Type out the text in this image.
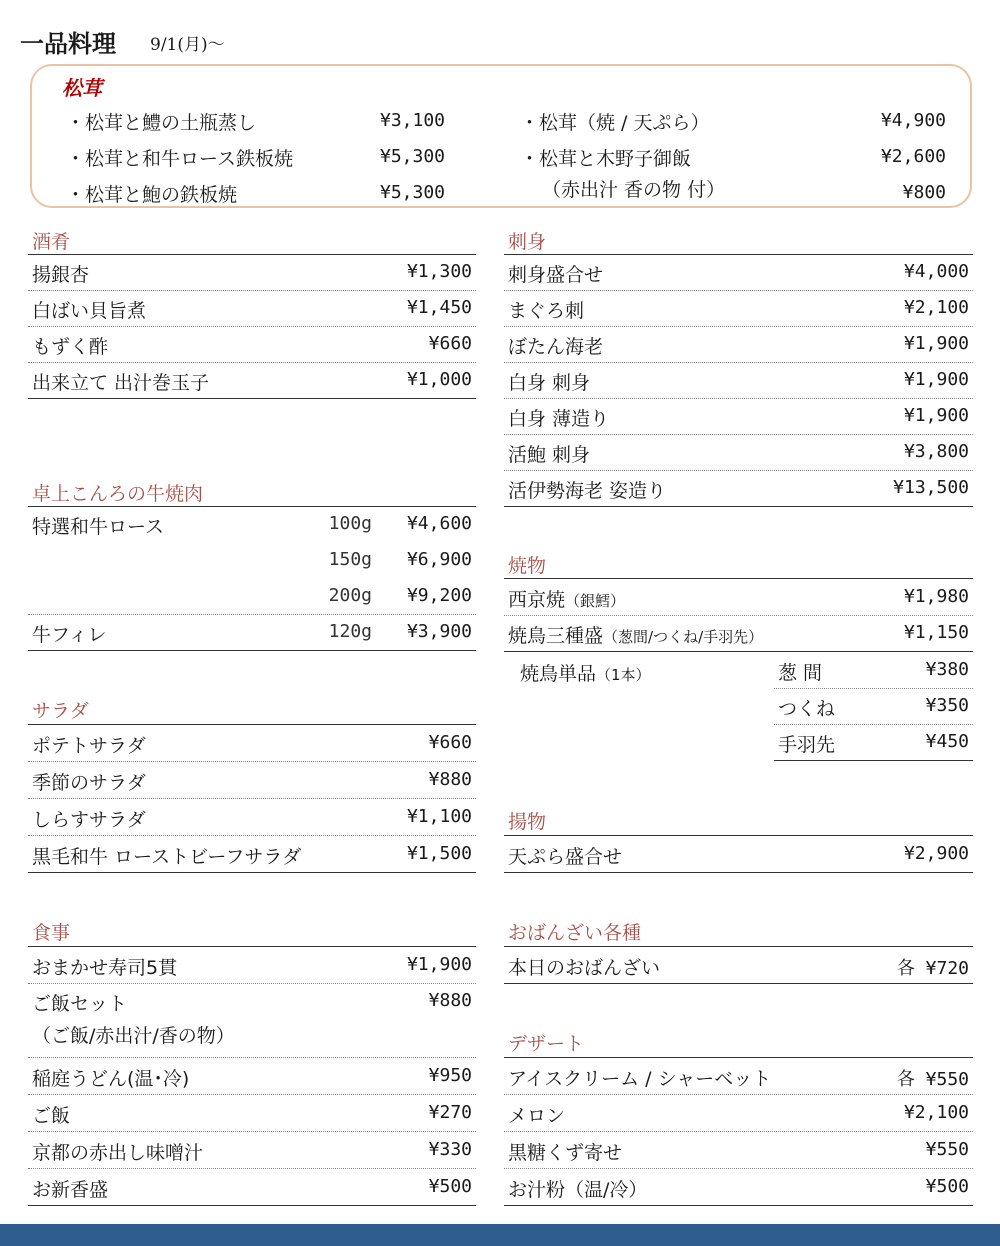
一品料理 9/1(月)～
松茸
・松茸と鱧の土瓶蒸し	¥3,100
・松茸と和牛ロース鉄板焼	¥5,300
・松茸と鮑の鉄板焼	¥5,300
・松茸（焼 / 天ぷら）	¥4,900
・松茸と木野子御飯	¥2,600
（赤出汁 香の物 付）	¥800
酒肴
揚銀杏	¥1,300
白ばい貝旨煮	¥1,450
もずく酢	¥660
出来立て 出汁巻玉子	¥1,000
卓上こんろの牛焼肉
特選和牛ロース	100g ¥4,600
150g ¥6,900
200g ¥9,200
牛フィレ	120g ¥3,900
サラダ
ポテトサラダ	¥660
季節のサラダ	¥880
しらすサラダ	¥1,100
黒毛和牛 ローストビーフサラダ	¥1,500
食事
おまかせ寿司5貫	¥1,900
ご飯セット
（ご飯/赤出汁/香の物）
¥880
稲庭うどん(温･冷)	¥950
ご飯	¥270
京都の赤出し味噌汁	¥330
お新香盛	¥500
刺身
刺身盛合せ	¥4,000
まぐろ刺	¥2,100
ぼたん海老	¥1,900
白身 刺身	¥1,900
白身 薄造り	¥1,900
活鮑 刺身	¥3,800
活伊勢海老 姿造り	¥13,500
焼物
西京焼（銀鱈）	¥1,980
焼鳥三種盛（葱間/つくね/手羽先）	¥1,150
焼鳥単品（1本）	葱 間	¥380
つくね	¥350
手羽先	¥450
揚物
天ぷら盛合せ	¥2,900
おばんざい各種
本日のおばんざい	各 ¥720
デザート
アイスクリーム / シャーベット	各 ¥550
メロン	¥2,100
黒糖くず寄せ	¥550
お汁粉（温/冷）	¥500
